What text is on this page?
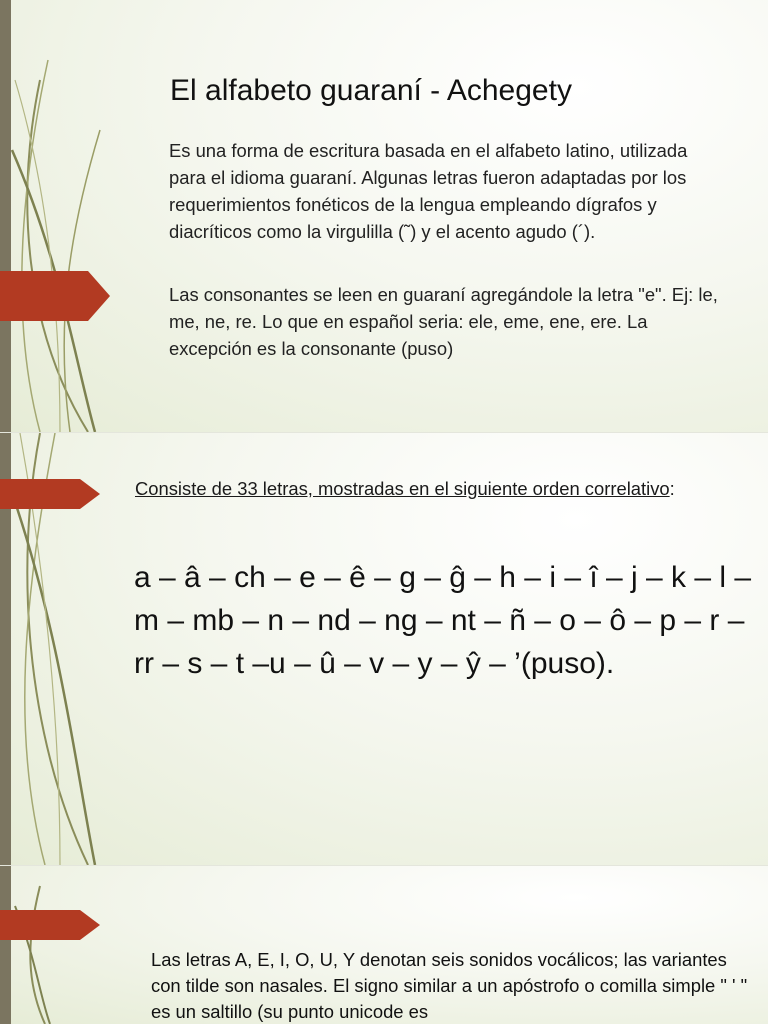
El alfabeto guaraní - Achegety

Es una forma de escritura basada en el alfabeto latino, utilizada para el idioma guaraní. Algunas letras fueron adaptadas por los requerimientos fonéticos de la lengua empleando dígrafos y diacríticos como la virgulilla (˜) y el acento agudo (´).

Las consonantes se leen en guaraní agregándole la letra "e". Ej: le, me, ne, re. Lo que en español seria: ele, eme, ene, ere. La excepción es la consonante (puso)

Consiste de 33 letras, mostradas en el siguiente orden correlativo:

a – â – ch – e – ê – g – ĝ – h – i – î – j – k – l – m – mb – n – nd – ng – nt – ñ – o – ô – p – r – rr – s – t –u – û – v – y – ŷ – ’(puso).

Las letras A, E, I, O, U, Y denotan seis sonidos vocálicos; las variantes con tilde son nasales. El signo similar a un apóstrofo o comilla simple " ' " es un saltillo (su punto unicode es
